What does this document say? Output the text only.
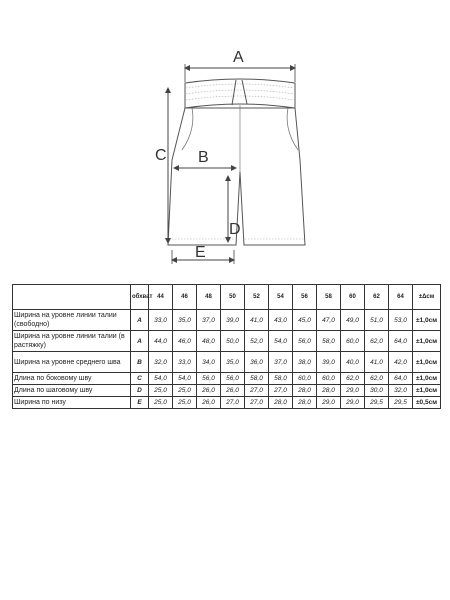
A
C B
D
E
	обхват	44	46	48	50	52	54	56	58	60	62	64	±Δсм
Ширина на уровне линии талии (свободно)	A	33,0	35,0	37,0	39,0	41,0	43,0	45,0	47,0	49,0	51,0	53,0	±1,0см
Ширина на уровне линии талии (в растяжку)	A	44,0	46,0	48,0	50,0	52,0	54,0	56,0	58,0	60,0	62,0	64,0	±1,0см
Ширина на уровне среднего шва	B	32,0	33,0	34,0	35,0	36,0	37,0	38,0	39,0	40,0	41,0	42,0	±1,0см
Длина по боковому шву	C	54,0	54,0	56,0	56,0	58,0	58,0	60,0	60,0	62,0	62,0	64,0	±1,0см
Длина по шаговому шву	D	25,0	25,0	26,0	26,0	27,0	27,0	28,0	28,0	29,0	30,0	32,0	±1,0см
Ширина по низу	E	25,0	25,0	26,0	27,0	27,0	28,0	28,0	29,0	29,0	29,5	29,5	±0,5см
